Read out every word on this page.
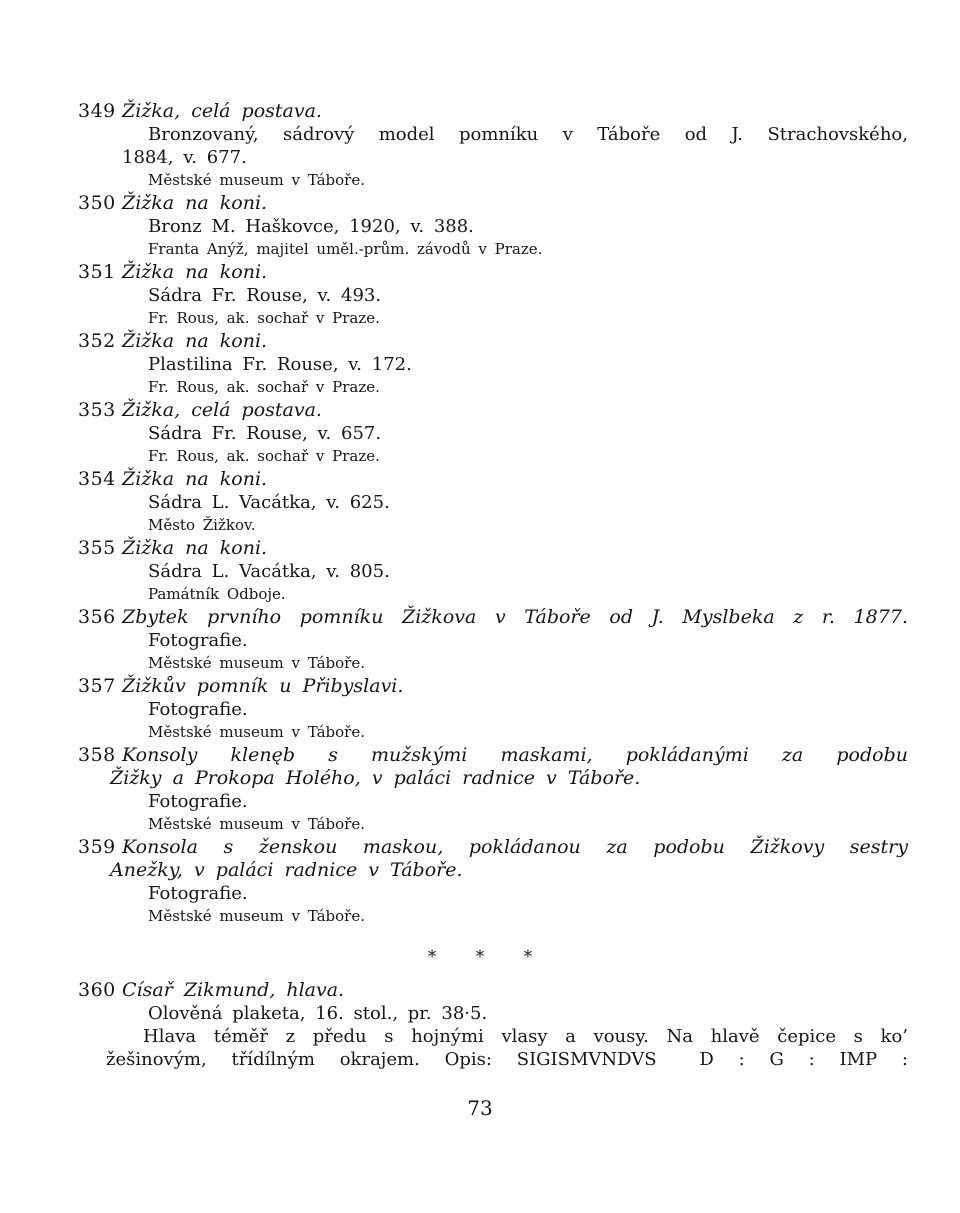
349 Žižka, celá postava.
Bronzovaný, sádrový model pomníku v Táboře od J. Strachovského,
1884, v. 677.
Městské museum v Táboře.
350 Žižka na koni.
Bronz M. Haškovce, 1920, v. 388.
Franta Anýž, majitel uměl.-prům. závodů v Praze.
351 Žižka na koni.
Sádra Fr. Rouse, v. 493.
Fr. Rous, ak. sochař v Praze.
352 Žižka na koni.
Plastilina Fr. Rouse, v. 172.
Fr. Rous, ak. sochař v Praze.
353 Žižka, celá postava.
Sádra Fr. Rouse, v. 657.
Fr. Rous, ak. sochař v Praze.
354 Žižka na koni.
Sádra L. Vacátka, v. 625.
Město Žižkov.
355 Žižka na koni.
Sádra L. Vacátka, v. 805.
Památník Odboje.
356 Zbytek prvního pomníku Žižkova v Táboře od J. Myslbeka z r. 1877.
Fotografie.
Městské museum v Táboře.
357 Žižkův pomník u Přibyslavi.
Fotografie.
Městské museum v Táboře.
358 Konsoly klenęb s mužskými maskami, pokládanými za podobu
Žižky a Prokopa Holého, v paláci radnice v Táboře.
Fotografie.
Městské museum v Táboře.
359 Konsola s ženskou maskou, pokládanou za podobu Žižkovy sestry
Anežky, v paláci radnice v Táboře.
Fotografie.
Městské museum v Táboře.
* * *
360 Císař Zikmund, hlava.
Olověná plaketa, 16. stol., pr. 38·5.
Hlava téměř z předu s hojnými vlasy a vousy. Na hlavě čepice s ko’
žešinovým, třídílným okrajem. Opis: SIGISMVNDVS  D : G : IMP :
73
